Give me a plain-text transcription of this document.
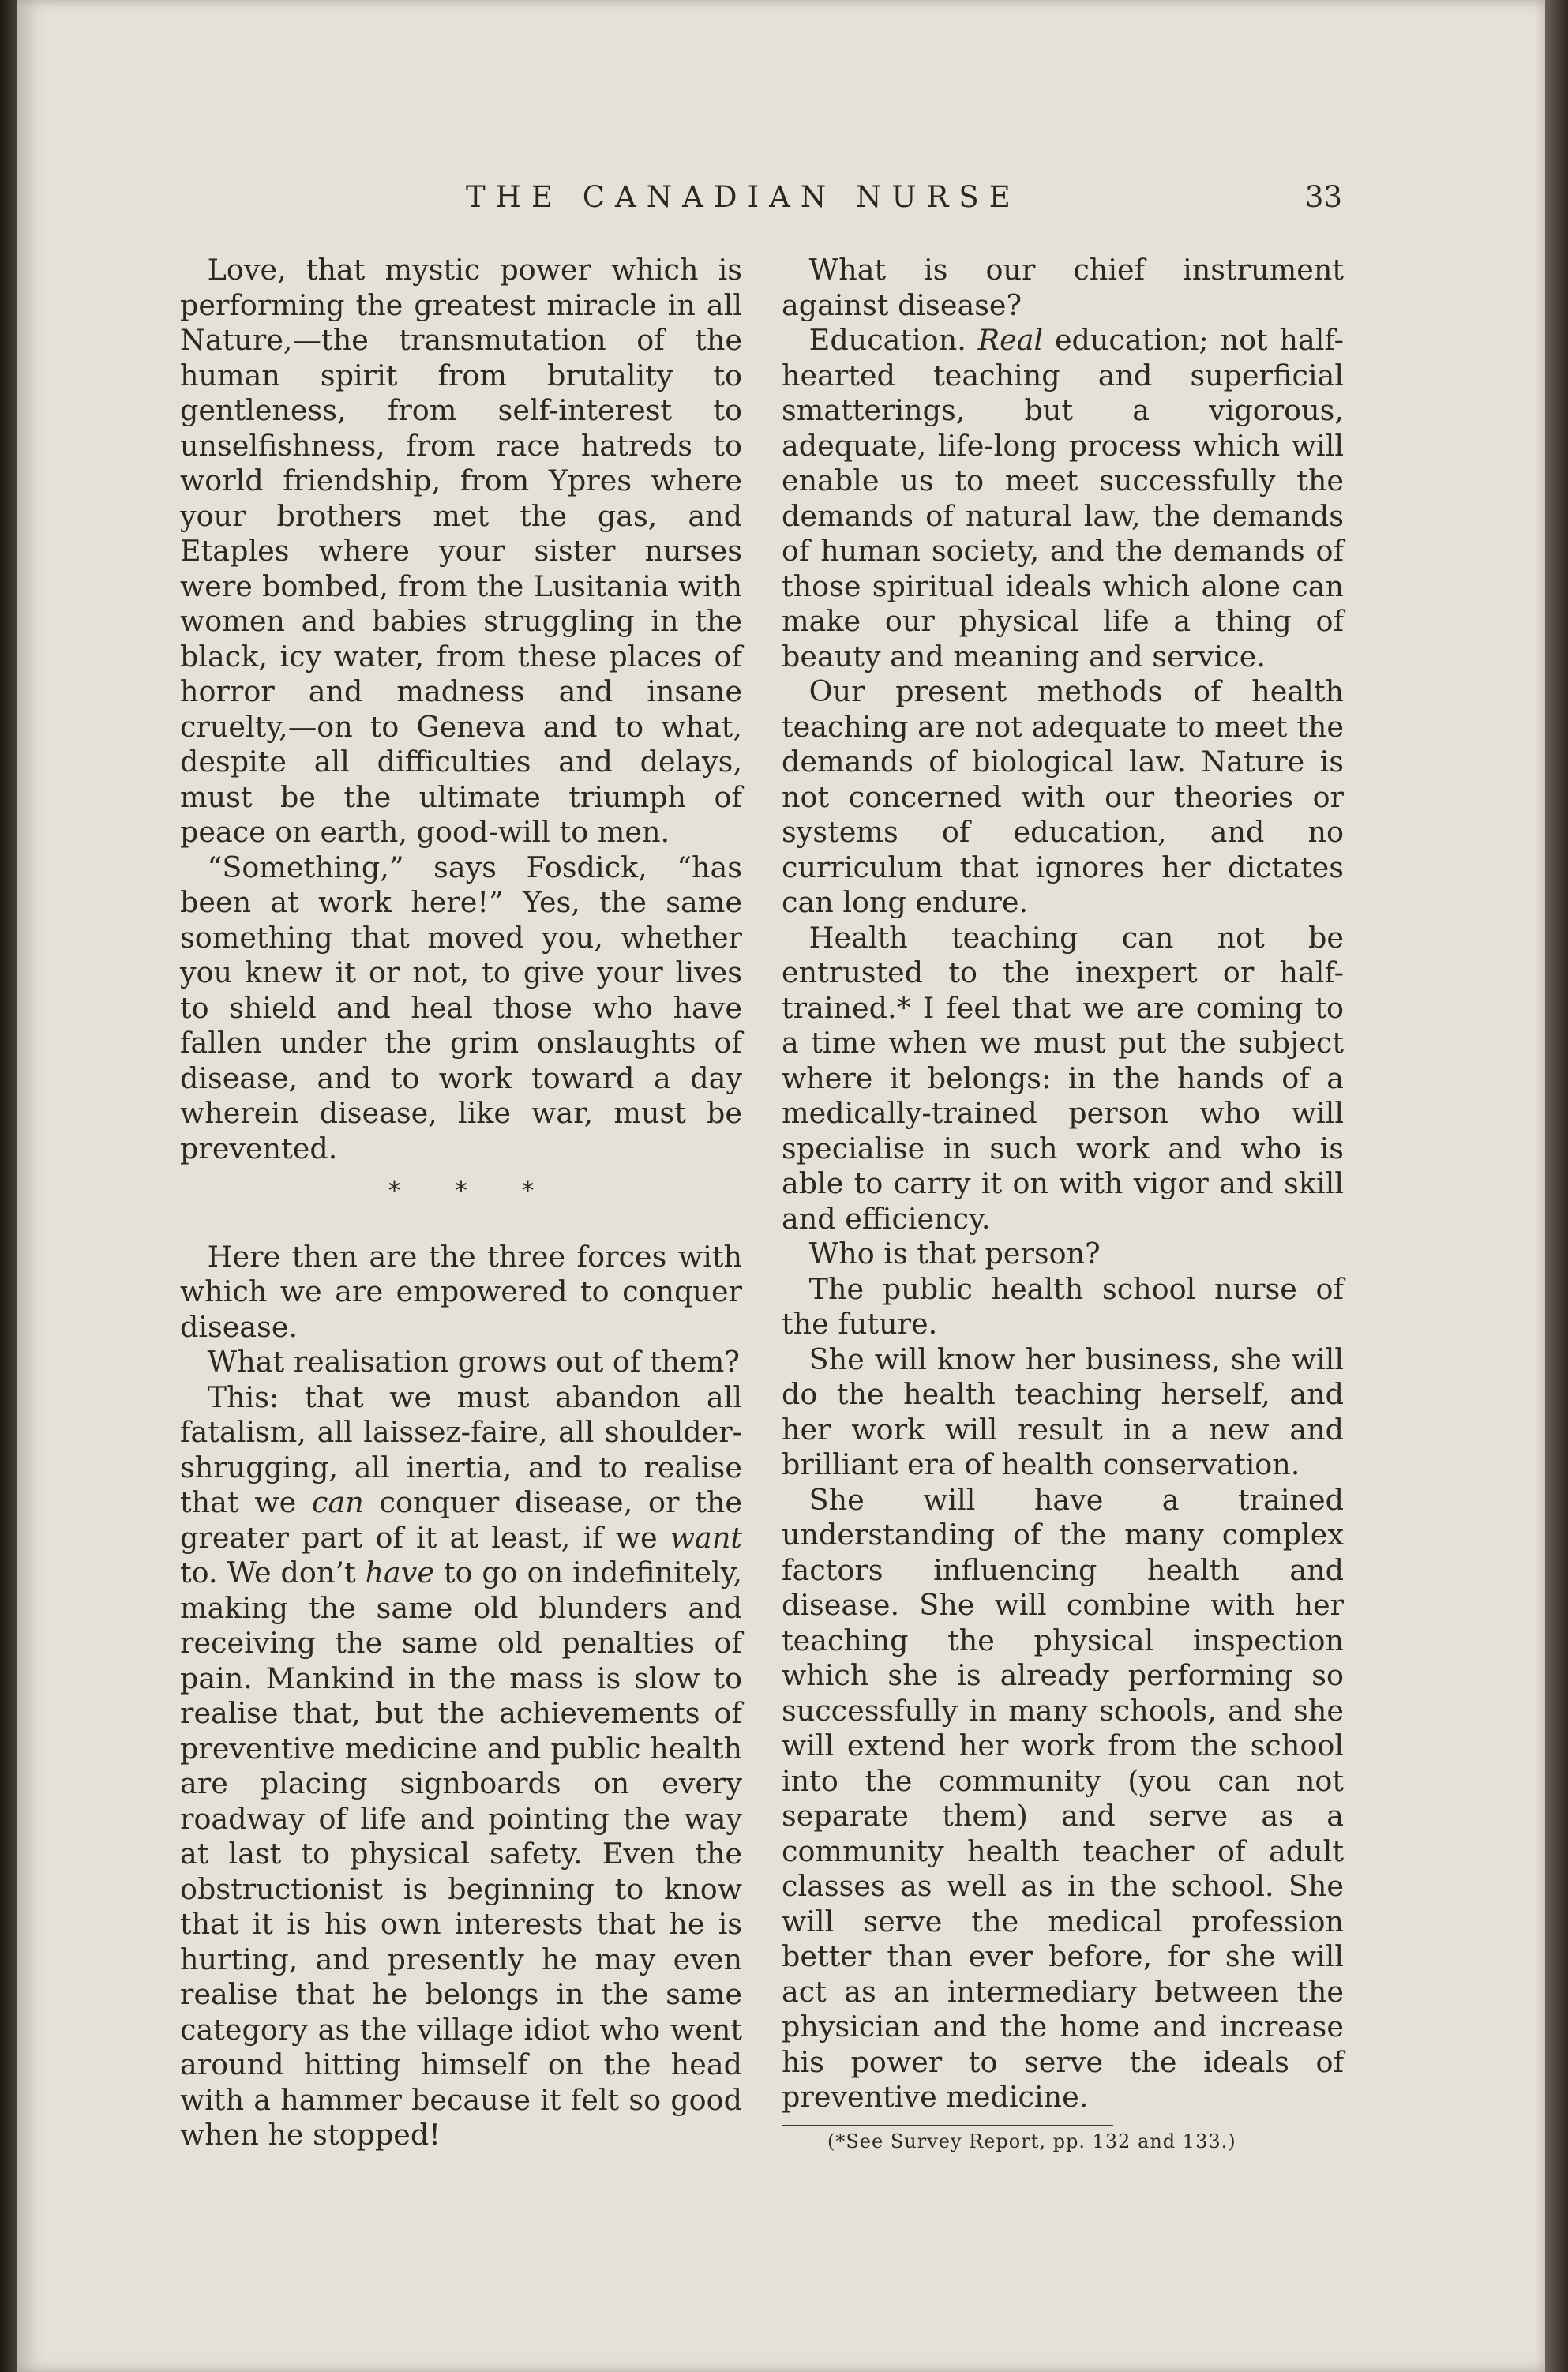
THE CANADIAN NURSE	33

Love, that mystic power which is performing the greatest miracle in all Nature,—the transmutation of the human spirit from brutality to gentleness, from self-interest to unselfishness, from race hatreds to world friendship, from Ypres where your brothers met the gas, and Etaples where your sister nurses were bombed, from the Lusitania with women and babies struggling in the black, icy water, from these places of horror and madness and insane cruelty,—on to Geneva and to what, despite all difficulties and delays, must be the ultimate triumph of peace on earth, good-will to men.

“Something,” says Fosdick, “has been at work here!” Yes, the same something that moved you, whether you knew it or not, to give your lives to shield and heal those who have fallen under the grim onslaughts of disease, and to work toward a day wherein disease, like war, must be prevented.

* * *

Here then are the three forces with which we are empowered to conquer disease.

What realisation grows out of them?

This: that we must abandon all fatalism, all laissez-faire, all shoulder-shrugging, all inertia, and to realise that we can conquer disease, or the greater part of it at least, if we want to. We don’t have to go on indefinitely, making the same old blunders and receiving the same old penalties of pain. Mankind in the mass is slow to realise that, but the achievements of preventive medicine and public health are placing signboards on every roadway of life and pointing the way at last to physical safety. Even the obstructionist is beginning to know that it is his own interests that he is hurting, and presently he may even realise that he belongs in the same category as the village idiot who went around hitting himself on the head with a hammer because it felt so good when he stopped!

What is our chief instrument against disease?

Education. Real education; not half-hearted teaching and superficial smatterings, but a vigorous, adequate, life-long process which will enable us to meet successfully the demands of natural law, the demands of human society, and the demands of those spiritual ideals which alone can make our physical life a thing of beauty and meaning and service.

Our present methods of health teaching are not adequate to meet the demands of biological law. Nature is not concerned with our theories or systems of education, and no curriculum that ignores her dictates can long endure.

Health teaching can not be entrusted to the inexpert or half-trained.* I feel that we are coming to a time when we must put the subject where it belongs: in the hands of a medically-trained person who will specialise in such work and who is able to carry it on with vigor and skill and efficiency.

Who is that person?

The public health school nurse of the future.

She will know her business, she will do the health teaching herself, and her work will result in a new and brilliant era of health conservation.

She will have a trained understanding of the many complex factors influencing health and disease. She will combine with her teaching the physical inspection which she is already performing so successfully in many schools, and she will extend her work from the school into the community (you can not separate them) and serve as a community health teacher of adult classes as well as in the school. She will serve the medical profession better than ever before, for she will act as an intermediary between the physician and the home and increase his power to serve the ideals of preventive medicine.

(*See Survey Report, pp. 132 and 133.)
